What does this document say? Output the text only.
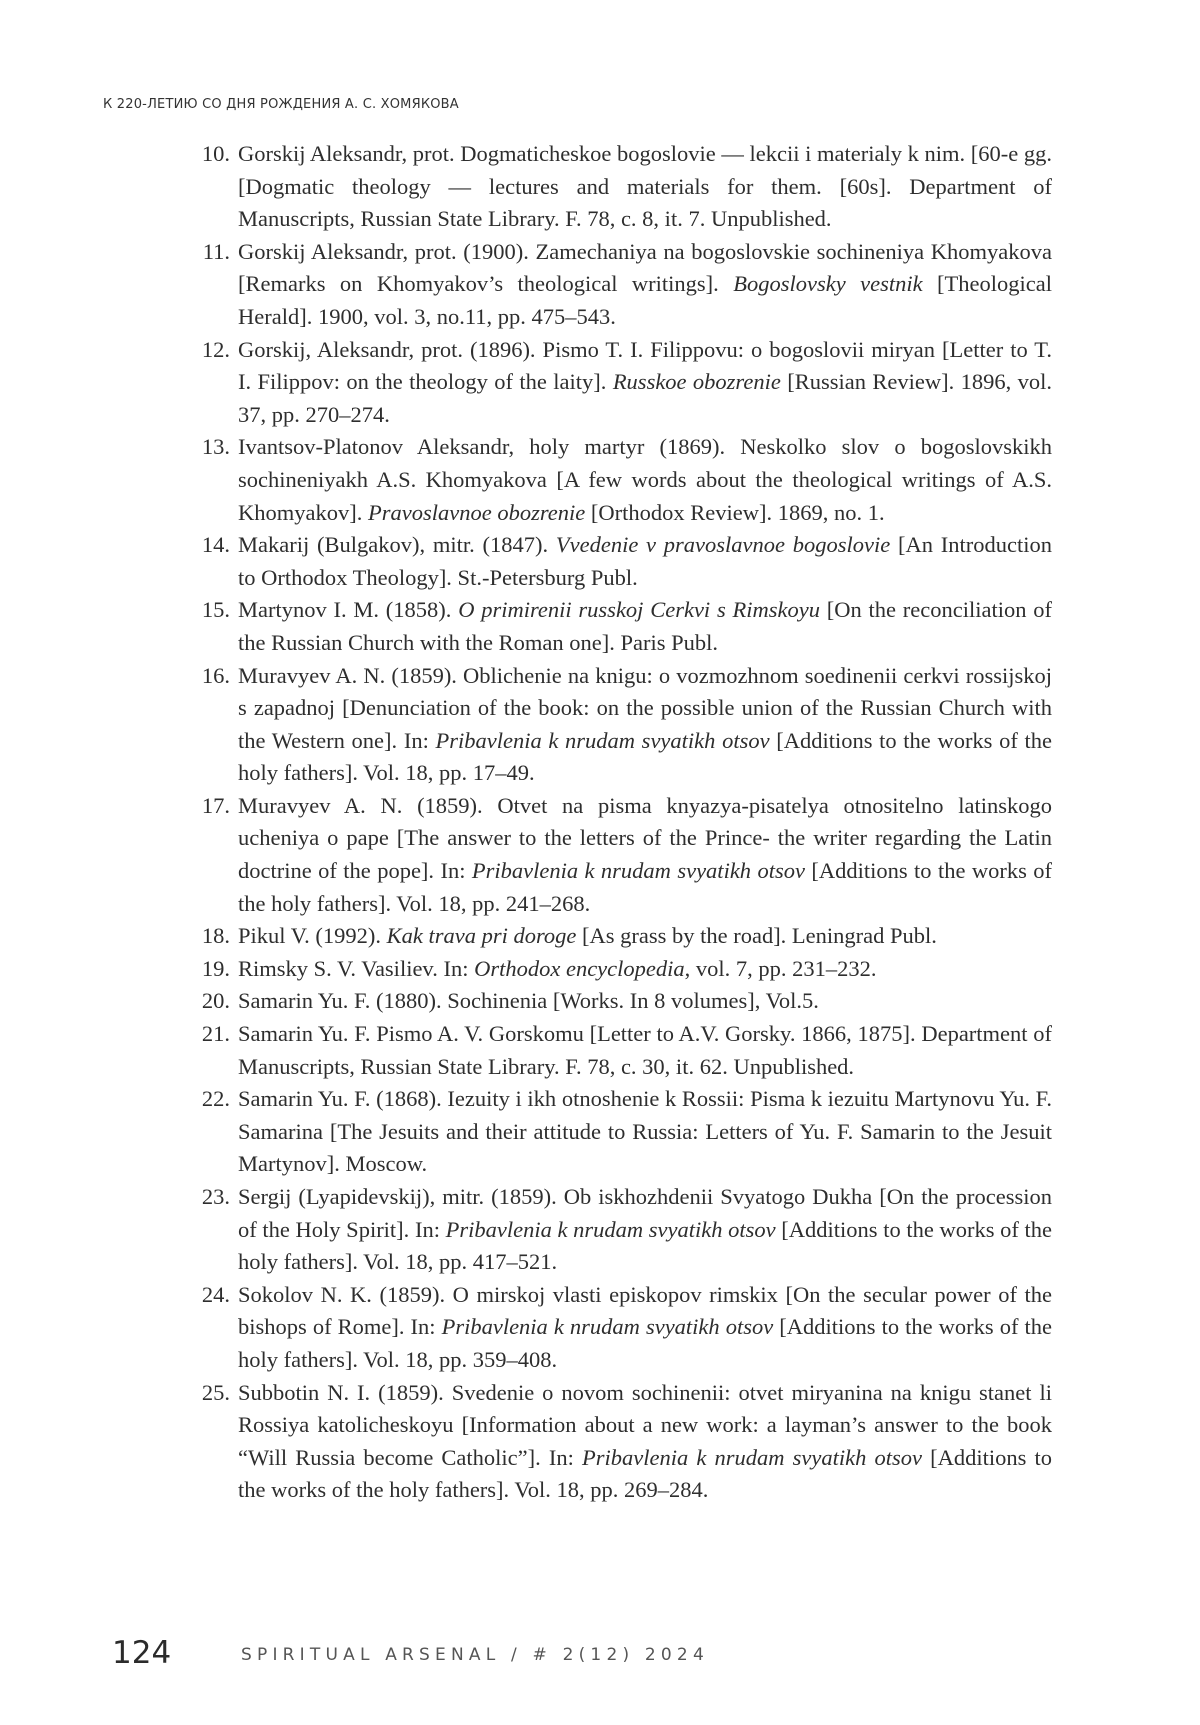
К 220-ЛЕТИЮ СО ДНЯ РОЖДЕНИЯ А. С. ХОМЯКОВА
10. Gorskij Aleksandr, prot. Dogmaticheskoe bogoslovie — lekcii i materialy k nim. [60-e gg. [Dogmatic theology — lectures and materials for them. [60s]. Department of Manuscripts, Russian State Library. F. 78, c. 8, it. 7. Unpublished.
11. Gorskij Aleksandr, prot. (1900). Zamechaniya na bogoslovskie sochineniya Khomyakova [Remarks on Khomyakov’s theological writings]. Bogoslovsky vestnik [Theological Herald]. 1900, vol. 3, no.11, pp. 475–543.
12. Gorskij, Aleksandr, prot. (1896). Pismo T. I. Filippovu: o bogoslovii miryan [Letter to T. I. Filippov: on the theology of the laity]. Russkoe obozrenie [Russian Review]. 1896, vol. 37, pp. 270–274.
13. Ivantsov-Platonov Aleksandr, holy martyr (1869). Neskolko slov o bogoslovskikh sochineniyakh A.S. Khomyakova [A few words about the theological writings of A.S. Khomyakov]. Pravoslavnoe obozrenie [Orthodox Review]. 1869, no. 1.
14. Makarij (Bulgakov), mitr. (1847). Vvedenie v pravoslavnoe bogoslovie [An Introduction to Orthodox Theology]. St.-Petersburg Publ.
15. Martynov I. M. (1858). O primirenii russkoj Cerkvi s Rimskoyu [On the reconciliation of the Russian Church with the Roman one]. Paris Publ.
16. Muravyev A. N. (1859). Oblichenie na knigu: o vozmozhnom soedinenii cerkvi rossijskoj s zapadnoj [Denunciation of the book: on the possible union of the Russian Church with the Western one]. In: Pribavlenia k nrudam svyatikh otsov [Additions to the works of the holy fathers]. Vol. 18, pp. 17–49.
17. Muravyev A. N. (1859). Otvet na pisma knyazya-pisatelya otnositelno latinskogo ucheniya o pape [The answer to the letters of the Prince- the writer regarding the Latin doctrine of the pope]. In: Pribavlenia k nrudam svyatikh otsov [Additions to the works of the holy fathers]. Vol. 18, pp. 241–268.
18. Pikul V. (1992). Kak trava pri doroge [As grass by the road]. Leningrad Publ.
19. Rimsky S. V. Vasiliev. In: Orthodox encyclopedia, vol. 7, pp. 231–232.
20. Samarin Yu. F. (1880). Sochinenia [Works. In 8 volumes], Vol.5.
21. Samarin Yu. F. Pismo A. V. Gorskomu [Letter to A.V. Gorsky. 1866, 1875]. Department of Manuscripts, Russian State Library. F. 78, c. 30, it. 62. Unpublished.
22. Samarin Yu. F. (1868). Iezuity i ikh otnoshenie k Rossii: Pisma k iezuitu Martynovu Yu. F. Samarina [The Jesuits and their attitude to Russia: Letters of Yu. F. Samarin to the Jesuit Martynov]. Moscow.
23. Sergij (Lyapidevskij), mitr. (1859). Ob iskhozhdenii Svyatogo Dukha [On the procession of the Holy Spirit]. In: Pribavlenia k nrudam svyatikh otsov [Additions to the works of the holy fathers]. Vol. 18, pp. 417–521.
24. Sokolov N. K. (1859). O mirskoj vlasti episkopov rimskix [On the secular power of the bishops of Rome]. In: Pribavlenia k nrudam svyatikh otsov [Additions to the works of the holy fathers]. Vol. 18, pp. 359–408.
25. Subbotin N. I. (1859). Svedenie o novom sochinenii: otvet miryanina na knigu stanet li Rossiya katolicheskoyu [Information about a new work: a layman’s answer to the book “Will Russia become Catholic”]. In: Pribavlenia k nrudam svyatikh otsov [Additions to the works of the holy fathers]. Vol. 18, pp. 269–284.
124	SPIRITUAL ARSENAL / # 2(12) 2024
